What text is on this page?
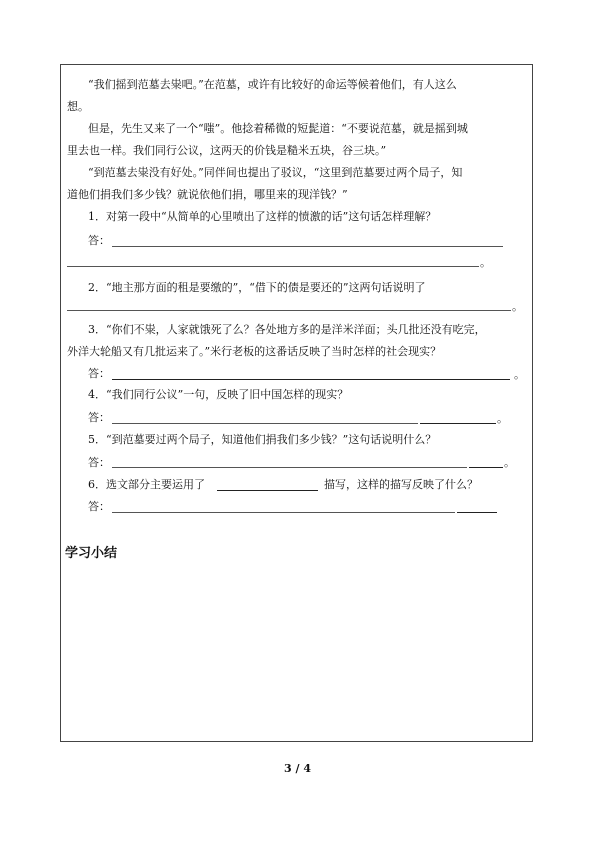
“我们摇到范墓去粜吧。”在范墓，或许有比较好的命运等候着他们，有人这么
想。
但是，先生又来了一个“嗤”。他捻着稀微的短髭道：“不要说范墓，就是摇到城
里去也一样。我们同行公议，这两天的价钱是糙米五块，谷三块。”
“到范墓去粜没有好处。”同伴间也提出了驳议，“这里到范墓要过两个局子，知
道他们捐我们多少钱？就说依他们捐，哪里来的现洋钱？”
1．对第一段中“从简单的心里喷出了这样的愤激的话”这句话怎样理解？
答：
。
2．“地主那方面的租是要缴的”，“借下的债是要还的”这两句话说明了
。
3．“你们不粜，人家就饿死了么？各处地方多的是洋米洋面；头几批还没有吃完，
外洋大轮船又有几批运来了。”米行老板的这番话反映了当时怎样的社会现实？
答：	。
4．“我们同行公议”一句，反映了旧中国怎样的现实？
答：	。
5．“到范墓要过两个局子，知道他们捐我们多少钱？”这句话说明什么？
答：	。
6．选文部分主要运用了	描写，这样的描写反映了什么？
答：
学习小结
3 / 4
